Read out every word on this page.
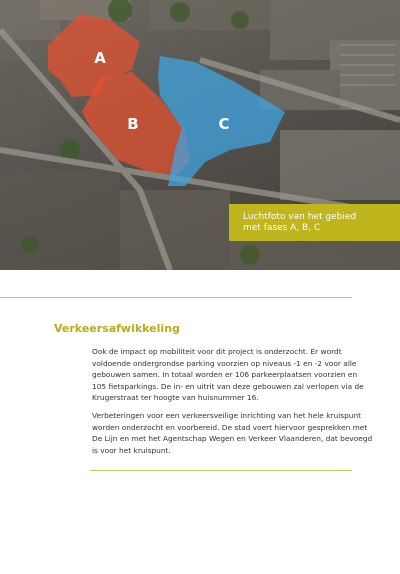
A
B	C
Luchtfoto van het gebied
met fases A, B, C
Verkeersafwikkeling
Ook de impact op mobiliteit voor dit project is onderzocht. Er wordt
voldoende ondergrondse parking voorzien op niveaus -1 en -2 voor alle
gebouwen samen. In totaal worden er 106 parkeerplaatsen voorzien en
105 fietsparkings. De in- en uitrit van deze gebouwen zal verlopen via de
Krugerstraat ter hoogte van huisnummer 16.
Verbeteringen voor een verkeersveilige inrichting van het hele kruispunt
worden onderzocht en voorbereid. De stad voert hiervoor gesprekken met
De Lijn en met het Agentschap Wegen en Verkeer Vlaanderen, dat bevoegd
is voor het kruispunt.
